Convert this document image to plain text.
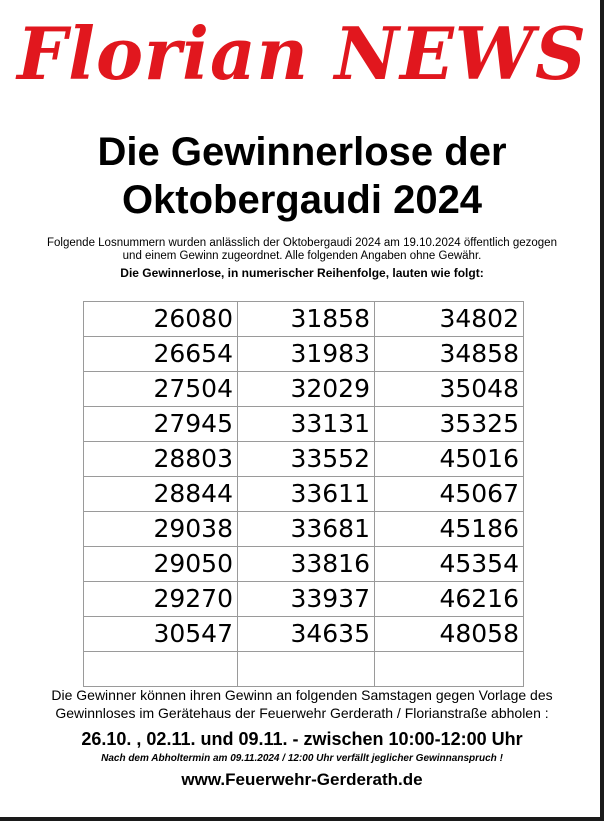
Florian NEWS
Die Gewinnerlose der
Oktobergaudi 2024
Folgende Losnummern wurden anlässlich der Oktobergaudi 2024 am 19.10.2024 öffentlich gezogen
und einem Gewinn zugeordnet. Alle folgenden Angaben ohne Gewähr.
Die Gewinnerlose, in numerischer Reihenfolge, lauten wie folgt:
26080	31858	34802
26654	31983	34858
27504	32029	35048
27945	33131	35325
28803	33552	45016
28844	33611	45067
29038	33681	45186
29050	33816	45354
29270	33937	46216
30547	34635	48058

Die Gewinner können ihren Gewinn an folgenden Samstagen gegen Vorlage des
Gewinnloses im Gerätehaus der Feuerwehr Gerderath / Florianstraße abholen :
26.10. , 02.11. und 09.11. - zwischen 10:00-12:00 Uhr
Nach dem Abholtermin am 09.11.2024 / 12:00 Uhr verfällt jeglicher Gewinnanspruch !
www.Feuerwehr-Gerderath.de
